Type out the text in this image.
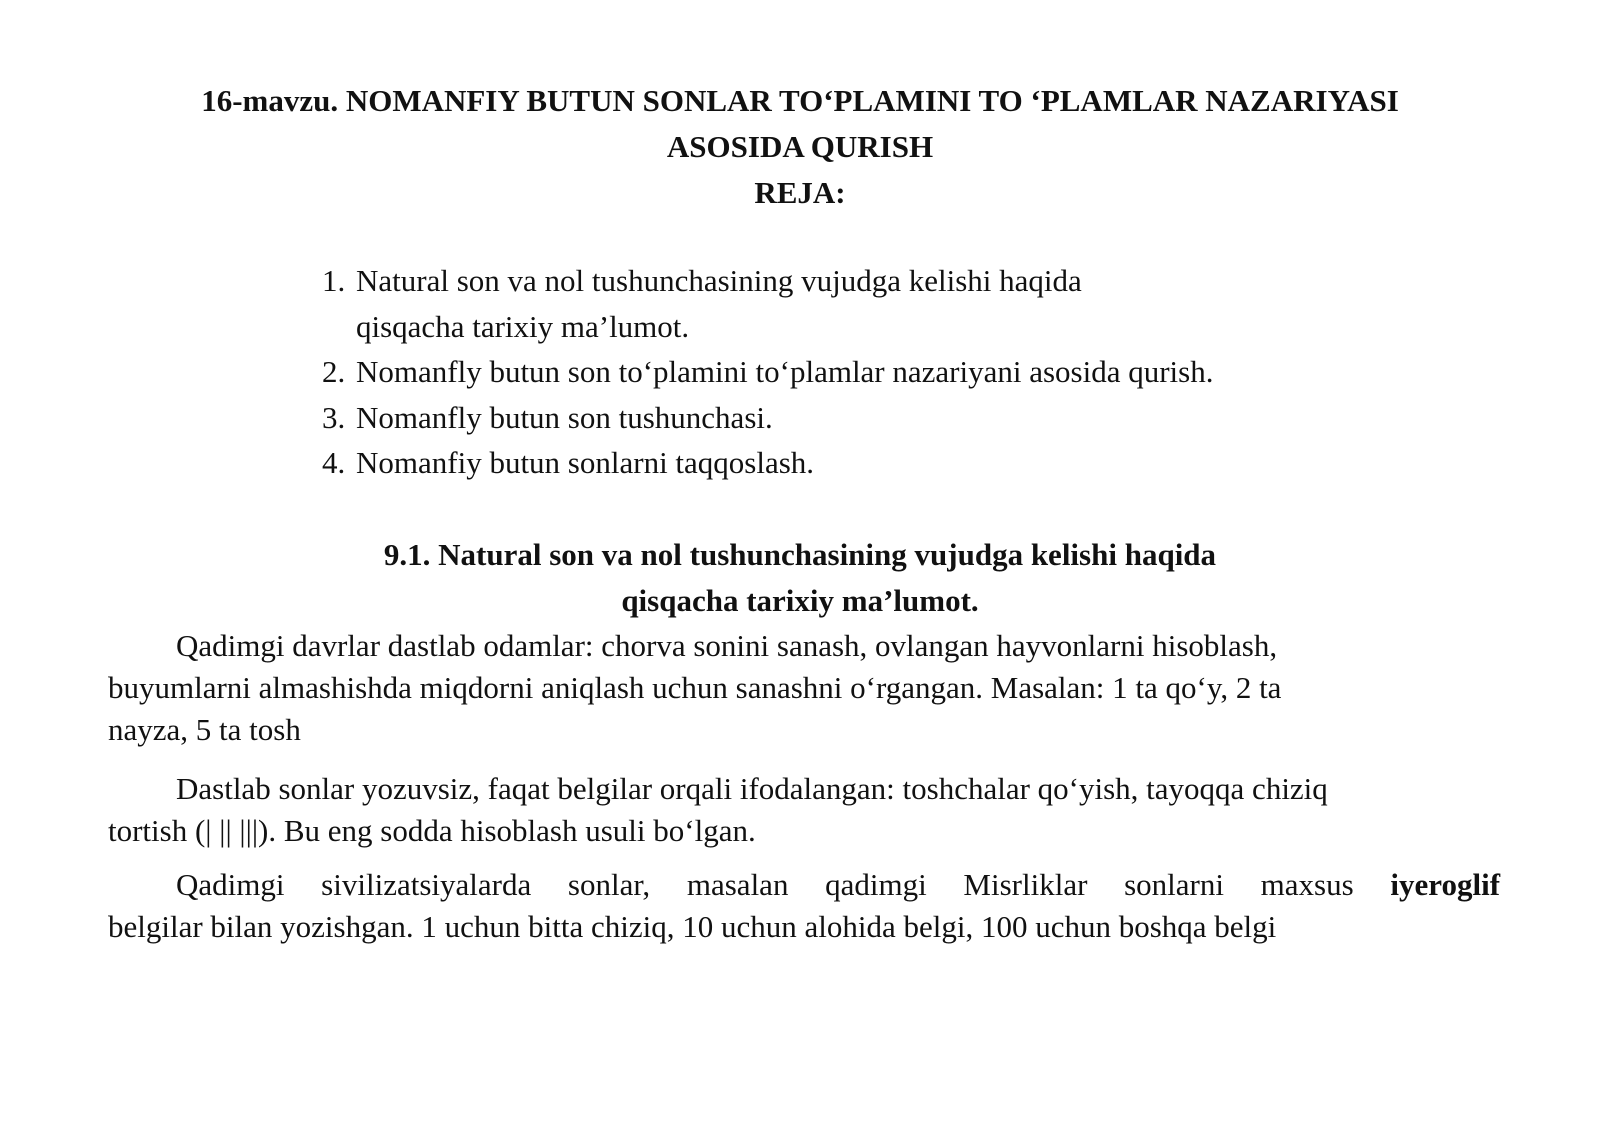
16-mavzu. NOMANFIY BUTUN SONLAR TO‘PLAMINI TO ‘PLAMLAR NAZARIYASI
ASOSIDA QURISH
REJA:
1. Natural son va nol tushunchasining vujudga kelishi haqida
qisqacha tarixiy ma’lumot.
2. Nomanfly butun son to‘plamini to‘plamlar nazariyani asosida qurish.
3. Nomanfly butun son tushunchasi.
4. Nomanfiy butun sonlarni taqqoslash.
9.1. Natural son va nol tushunchasining vujudga kelishi haqida
qisqacha tarixiy ma’lumot.
Qadimgi davrlar dastlab odamlar: chorva sonini sanash, ovlangan hayvonlarni hisoblash,
buyumlarni almashishda miqdorni aniqlash uchun sanashni o‘rgangan. Masalan: 1 ta qo‘y, 2 ta
nayza, 5 ta tosh
Dastlab sonlar yozuvsiz, faqat belgilar orqali ifodalangan: toshchalar qo‘yish, tayoqqa chiziq
tortish (| || |||). Bu eng sodda hisoblash usuli bo‘lgan.
Qadimgi sivilizatsiyalarda sonlar, masalan qadimgi Misrliklar sonlarni maxsus iyeroglif
belgilar bilan yozishgan. 1 uchun bitta chiziq, 10 uchun alohida belgi, 100 uchun boshqa belgi
